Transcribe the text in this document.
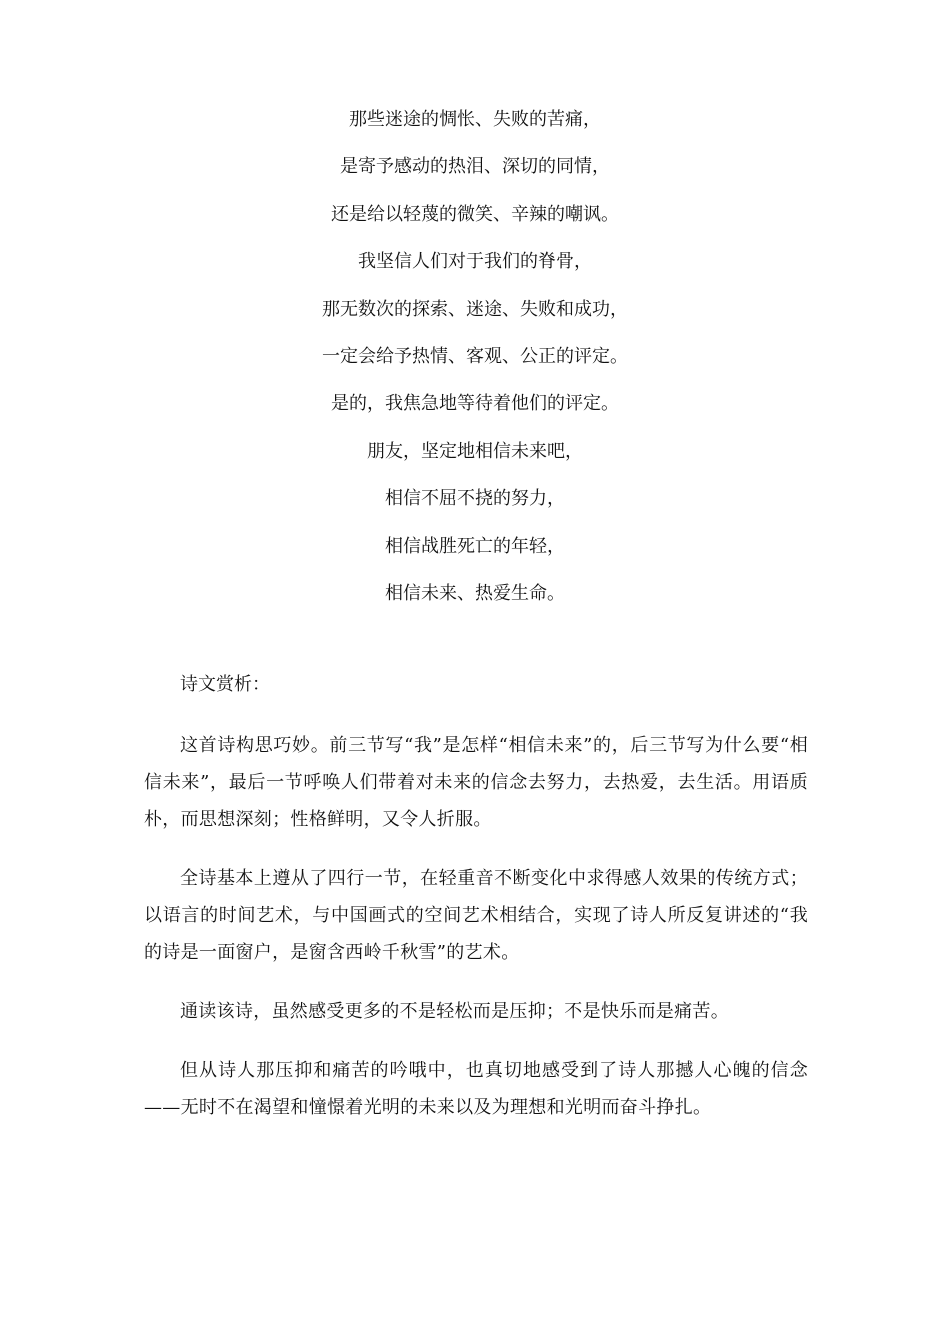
那些迷途的惆怅、失败的苦痛，
是寄予感动的热泪、深切的同情，
还是给以轻蔑的微笑、辛辣的嘲讽。
我坚信人们对于我们的脊骨，
那无数次的探索、迷途、失败和成功，
一定会给予热情、客观、公正的评定。
是的，我焦急地等待着他们的评定。
朋友，坚定地相信未来吧，
相信不屈不挠的努力，
相信战胜死亡的年轻，
相信未来、热爱生命。
诗文赏析：

这首诗构思巧妙。前三节写“我”是怎样“相信未来”的，后三节写为什么要“相信未来”，最后一节呼唤人们带着对未来的信念去努力，去热爱，去生活。用语质朴，而思想深刻；性格鲜明，又令人折服。

全诗基本上遵从了四行一节，在轻重音不断变化中求得感人效果的传统方式；以语言的时间艺术，与中国画式的空间艺术相结合，实现了诗人所反复讲述的“我的诗是一面窗户，是窗含西岭千秋雪”的艺术。

通读该诗，虽然感受更多的不是轻松而是压抑；不是快乐而是痛苦。

但从诗人那压抑和痛苦的吟哦中，也真切地感受到了诗人那撼人心魄的信念——无时不在渴望和憧憬着光明的未来以及为理想和光明而奋斗挣扎。
